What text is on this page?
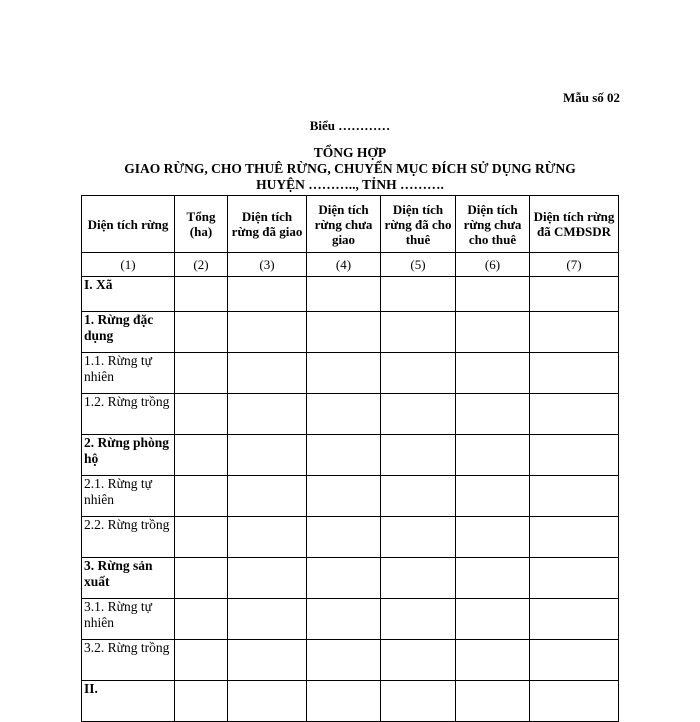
Mẫu số 02
Biểu …………
TỔNG HỢP
GIAO RỪNG, CHO THUÊ RỪNG, CHUYỂN MỤC ĐÍCH SỬ DỤNG RỪNG
HUYỆN ……….., TỈNH ……….
Diện tích rừng	Tổng (ha)	Diện tích rừng đã giao	Diện tích rừng chưa giao	Diện tích rừng đã cho thuê	Diện tích rừng chưa cho thuê	Diện tích rừng đã CMĐSDR
(1)	(2)	(3)	(4)	(5)	(6)	(7)
I. Xã						
1. Rừng đặc dụng						
1.1. Rừng tự nhiên						
1.2. Rừng trồng						
2. Rừng phòng hộ						
2.1. Rừng tự nhiên						
2.2. Rừng trồng						
3. Rừng sản xuất						
3.1. Rừng tự nhiên						
3.2. Rừng trồng						
II.						
